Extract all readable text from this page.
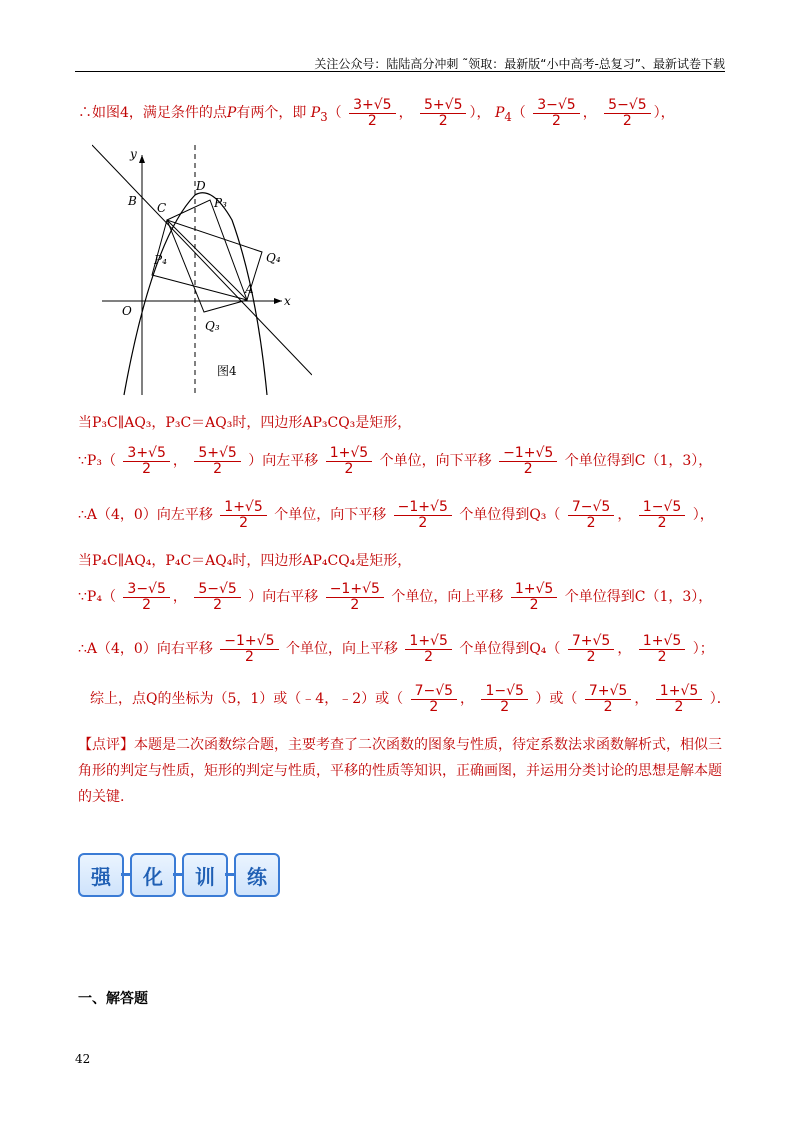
关注公众号：陆陆高分冲刺 ˜领取：最新版“小中高考-总复习”、最新试卷下载
∴如图4，满足条件的点P有两个，即 $P_3( \frac{3+√5}{2}$ ， $\frac{5+√5}{2}$ ）， $P_4( \frac{3-√5}{2}$ ， $\frac{5-√5}{2}$ ），
y
x
O
B C
D
A
P₃
P₄
Q₃
Q₄
图4
当P₃C∥AQ₃，P₃C＝AQ₃时，四边形AP₃CQ₃是矩形，
∵P₃（ $\frac{3+√5}{2}$ ， $\frac{5+√5}{2}$ ）向左平移 $\frac{1+√5}{2}$ 个单位，向下平移 $\frac{-1+√5}{2}$ 个单位得到C（1，3），
∴A（4，0）向左平移 $\frac{1+√5}{2}$ 个单位，向下平移 $\frac{-1+√5}{2}$ 个单位得到$Q_3( \frac{7-√5}{2}$ ， $\frac{1-√5}{2}$ ），
当P₄C∥AQ₄，P₄C＝AQ₄时，四边形AP₄CQ₄是矩形，
∵P₄（ $\frac{3-√5}{2}$ ， $\frac{5-√5}{2}$ ）向右平移 $\frac{-1+√5}{2}$ 个单位，向上平移 $\frac{1+√5}{2}$ 个单位得到C（1，3），
∴A（4，0）向右平移 $\frac{-1+√5}{2}$ 个单位，向上平移 $\frac{1+√5}{2}$ 个单位得到$Q_4( \frac{7+√5}{2}$ ， $\frac{1+√5}{2}$ ）；
综上，点Q的坐标为（5，1）或（﹣4，﹣2）或（ $\frac{7-√5}{2}$ ， $\frac{1-√5}{2}$ ）或（ $\frac{7+√5}{2}$ ， $\frac{1+√5}{2}$ ）．
【点评】本题是二次函数综合题，主要考查了二次函数的图象与性质，待定系数法求函数解析式，相似三角形的判定与性质，矩形的判定与性质，平移的性质等知识，正确画图，并运用分类讨论的思想是解本题的关键.
强	化	训	练
一、解答题
42
